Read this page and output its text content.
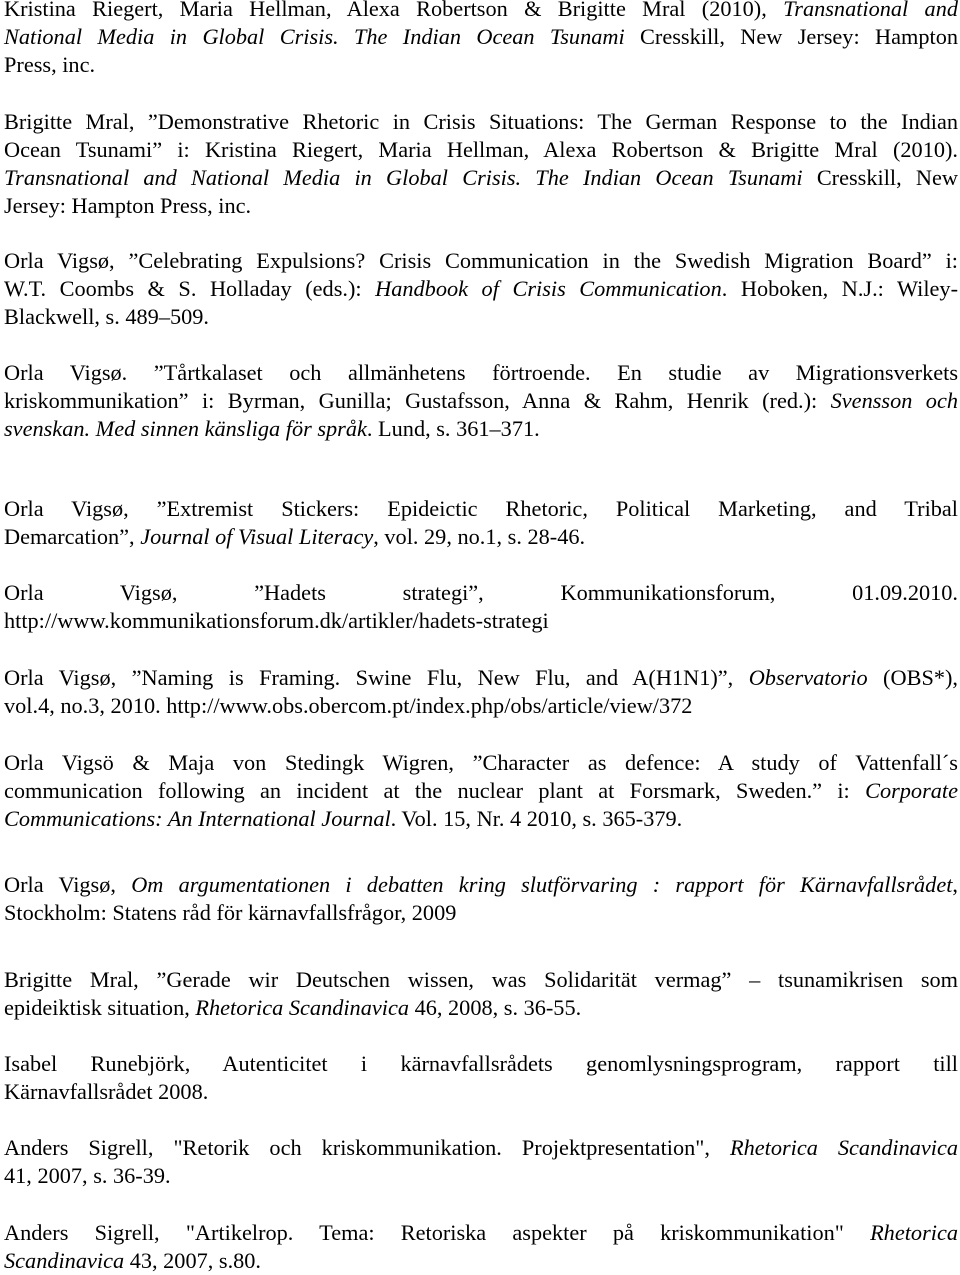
Kristina Riegert, Maria Hellman, Alexa Robertson & Brigitte Mral (2010), Transnational and
National Media in Global Crisis. The Indian Ocean Tsunami Cresskill, New Jersey: Hampton
Press, inc.
Brigitte Mral, ”Demonstrative Rhetoric in Crisis Situations: The German Response to the Indian
Ocean Tsunami” i: Kristina Riegert, Maria Hellman, Alexa Robertson & Brigitte Mral (2010).
Transnational and National Media in Global Crisis. The Indian Ocean Tsunami Cresskill, New
Jersey: Hampton Press, inc.
Orla Vigsø, ”Celebrating Expulsions? Crisis Communication in the Swedish Migration Board” i:
W.T. Coombs & S. Holladay (eds.): Handbook of Crisis Communication. Hoboken, N.J.: Wiley-
Blackwell, s. 489–509.
Orla Vigsø. ”Tårtkalaset och allmänhetens förtroende. En studie av Migrationsverkets
kriskommunikation” i: Byrman, Gunilla; Gustafsson, Anna & Rahm, Henrik (red.): Svensson och
svenskan. Med sinnen känsliga för språk. Lund, s. 361–371.
Orla Vigsø, ”Extremist Stickers: Epideictic Rhetoric, Political Marketing, and Tribal
Demarcation”, Journal of Visual Literacy, vol. 29, no.1, s. 28-46.
Orla Vigsø, ”Hadets strategi”, Kommunikationsforum, 01.09.2010.
http://www.kommunikationsforum.dk/artikler/hadets-strategi
Orla Vigsø, ”Naming is Framing. Swine Flu, New Flu, and A(H1N1)”, Observatorio (OBS*),
vol.4, no.3, 2010. http://www.obs.obercom.pt/index.php/obs/article/view/372
Orla Vigsö & Maja von Stedingk Wigren, ”Character as defence: A study of Vattenfall´s
communication following an incident at the nuclear plant at Forsmark, Sweden.” i: Corporate
Communications: An International Journal. Vol. 15, Nr. 4 2010, s. 365-379.
Orla Vigsø, Om argumentationen i debatten kring slutförvaring : rapport för Kärnavfallsrådet,
Stockholm: Statens råd för kärnavfallsfrågor, 2009
Brigitte Mral, ”Gerade wir Deutschen wissen, was Solidarität vermag” – tsunamikrisen som
epideiktisk situation, Rhetorica Scandinavica 46, 2008, s. 36-55.
Isabel Runebjörk, Autenticitet i kärnavfallsrådets genomlysningsprogram, rapport till
Kärnavfallsrådet 2008.
Anders Sigrell, "Retorik och kriskommunikation. Projektpresentation", Rhetorica Scandinavica
41, 2007, s. 36-39.
Anders Sigrell, "Artikelrop. Tema: Retoriska aspekter på kriskommunikation" Rhetorica
Scandinavica 43, 2007, s.80.
